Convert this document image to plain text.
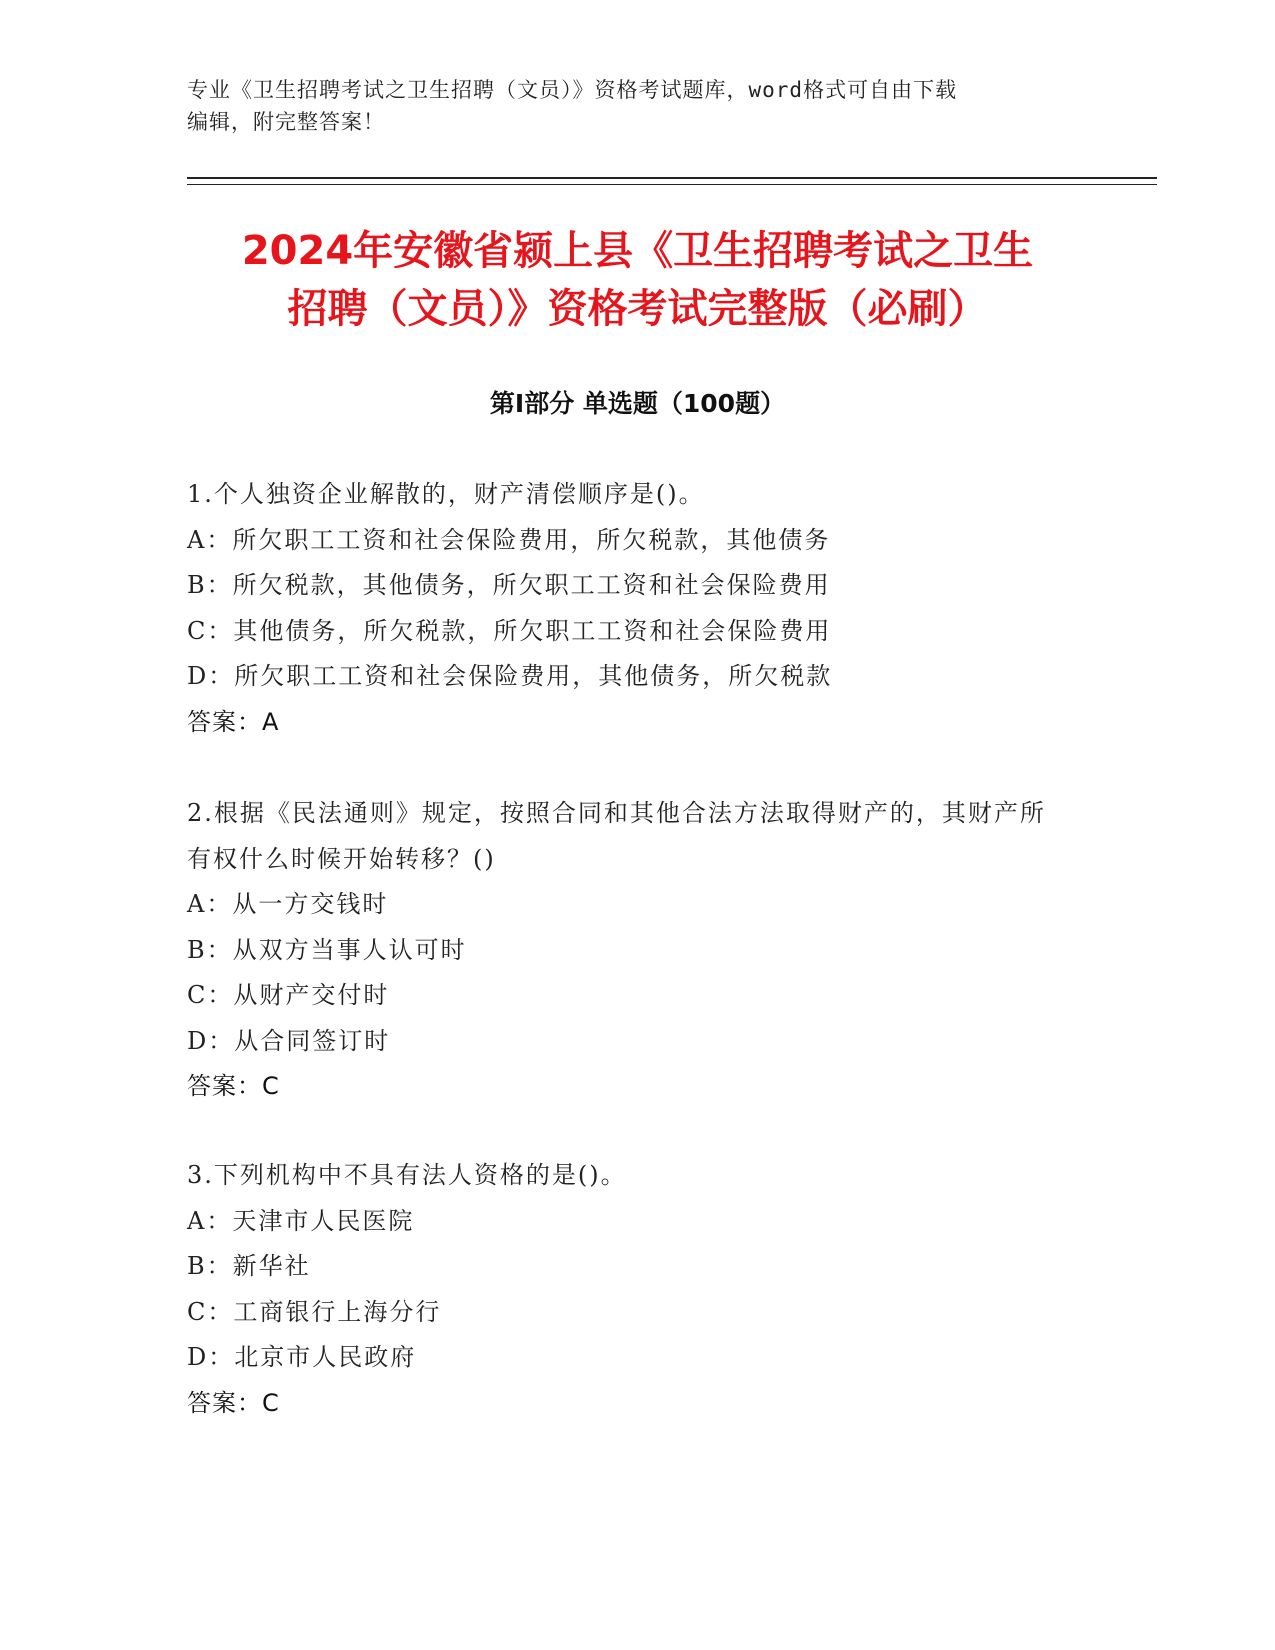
专业《卫生招聘考试之卫生招聘（文员）》资格考试题库，word格式可自由下载
编辑，附完整答案！
2024年安徽省颍上县《卫生招聘考试之卫生
招聘（文员）》资格考试完整版（必刷）
第Ⅰ部分 单选题（100题）

1.个人独资企业解散的，财产清偿顺序是()。

A：所欠职工工资和社会保险费用，所欠税款，其他债务
B：所欠税款，其他债务，所欠职工工资和社会保险费用
C：其他债务，所欠税款，所欠职工工资和社会保险费用
D：所欠职工工资和社会保险费用，其他债务，所欠税款
答案：A

2.根据《民法通则》规定，按照合同和其他合法方法取得财产的，其财产所有权什么时候开始转移？()

A：从一方交钱时
B：从双方当事人认可时
C：从财产交付时
D：从合同签订时
答案：C

3.下列机构中不具有法人资格的是()。

A：天津市人民医院
B：新华社
C：工商银行上海分行
D：北京市人民政府
答案：C
